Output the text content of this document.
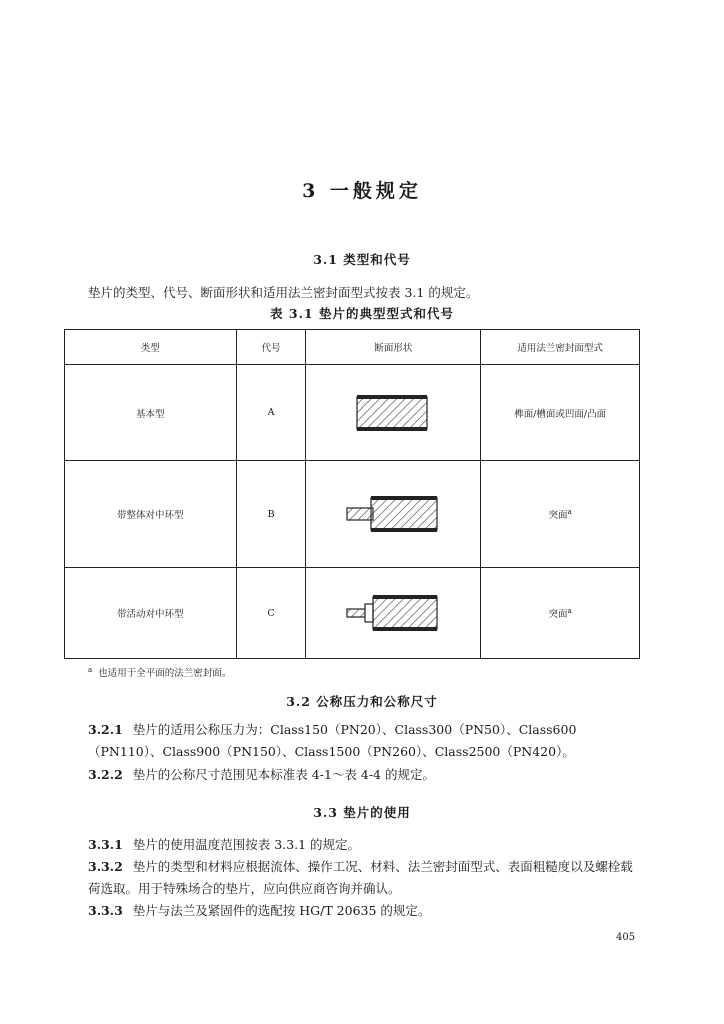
3 一般规定
3.1 类型和代号
垫片的类型、代号、断面形状和适用法兰密封面型式按表 3.1 的规定。
表 3.1 垫片的典型型式和代号
类型	代号	断面形状	适用法兰密封面型式
基本型	A		榫面/槽面或凹面/凸面
带整体对中环型	B		突面$^a$
带活动对中环型	C		突面$^a$
$^a$ 也适用于全平面的法兰密封面。
3.2 公称压力和公称尺寸
3.2.1 垫片的适用公称压力为：Class150（PN20）、Class300（PN50）、Class600（PN110）、Class900（PN150）、Class1500（PN260）、Class2500（PN420）。
3.2.2 垫片的公称尺寸范围见本标准表 4-1～表 4-4 的规定。
3.3 垫片的使用
3.3.1 垫片的使用温度范围按表 3.3.1 的规定。
3.3.2 垫片的类型和材料应根据流体、操作工况、材料、法兰密封面型式、表面粗糙度以及螺栓载荷选取。用于特殊场合的垫片，应向供应商咨询并确认。
3.3.3 垫片与法兰及紧固件的选配按 HG/T 20635 的规定。
405
